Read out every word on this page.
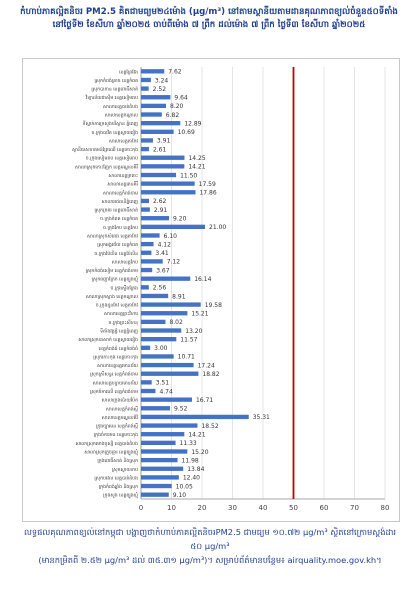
កំហាប់ភាគល្អិតនិចរ PM2.5 គិតជាមធ្យម២៤ម៉ោង (µg/m³) នៅតាមស្ថានីយតាមដានគុណភាពខ្យល់ចំនួន៥០ទីតាំង
នៅថ្ងៃទី២ ខែសីហា ឆ្នាំ២០២៥ ចាប់ពីម៉ោង ៧ ព្រឹក ដល់ម៉ោង ៧ ព្រឹក ថ្ងៃទី៣ ខែសីហា ឆ្នាំ២០២៥
0	10	20	30	40	50	60	70	80
ខេត្តព្រៃវែង	7.62
ស្រុកកំពង់ត្រាច ខេត្តកំពត	3.24
ស្រុកបាកាន ខេត្តពោធិ៍សាត់ 2.52
វិទ្យាល័យជាស៊ីម ខេត្តសៀមរាប	9.64
សាលាខេត្តបាត់ដំបង	8.20
សាលាខេត្តកណ្ដាល	6.82
ទីស្នាក់ការក្រសួងបរិស្ថាន ភ្នំពេញ	12.89
ច.ក្រុងបាវិត ខេត្តស្វាយរៀង	10.69
សាលាខេត្តតាកែវ	3.91
ស្ថានីយសហគមន៍ព្រៃឈើ ខេត្តកោះកុង 2.61
ច.ក្រុងសៀមរាប ខេត្តសៀមរាប	14.25
សាលាស្រុកកោះញែក ខេត្តមណ្ឌលគិរី	14.21
សាលាខេត្តក្រចេះ	11.50
សាលាខេត្តរតនគិរី	17.59
សាលាខេត្តកំពង់ចាម	17.86
សាលារាជធានីភ្នំពេញ 2.62
ស្រុកក្រគរ ខេត្តពោធិ៍សាត់	2.91
ច.ក្រុងកំពត ខេត្តកំពត	9.20
ច.ក្រុងកែប ខេត្តកែប	21.00
សាលាស្រុកសំរោង ខេត្តតាកែវ	6.10
ស្រុកអង្គរជ័យ ខេត្តកំពត	4.12
ច.ក្រុងប៉ៃលិន ខេត្តប៉ៃលិន	3.41
សាលាខេត្តកែប	7.12
ស្រុកកំពង់សៀម ខេត្តកំពង់ចាម	3.67
ស្រុកពញាក្រែក ខេត្តត្បូងឃ្មុំ	16.14
ច.ក្រុងស្ទឹងត្រែង 2.56
សាលាស្រុកស្អាង ខេត្តកណ្ដាល	8.91
ច.ក្រុងដូនកែវ ខេត្តតាកែវ	19.58
សាលាខេត្តព្រះវិហារ	15.21
ច.ក្រុងព្រះសីហនុ	8.02
ទីតាំងវត្តភ្នំ ខេត្តភ្នំពេញ	13.20
សាលាស្រុកបាសាក់ ខេត្តស្វាយរៀង	11.57
ខេត្តកំពង់ធំ ខេត្តកំពង់ធំ	3.00
ស្រុកកោះកុង ខេត្តកោះកុង	10.71
សាលាខេត្តឧត្តរមានជ័យ	17.24
ស្រុកស្រីសន្ធរ ខេត្តកំពង់ចាម	18.82
សាលាខេត្តបន្ទាយមានជ័យ	3.51
ស្រុកចំការលើ ខេត្តកំពង់ចាម	4.74
សាលាក្រុងប៉ោយប៉ែត	16.71
សាលាខេត្តកំពង់ស្ពឺ	9.52
សាលាខេត្តមណ្ឌលគិរី	35.31
ក្រុងច្បារមន ខេត្តកំពង់ស្ពឺ	18.52
ក្រុងចំការមន ខេត្តកោះកុង	14.21
សាលាស្រុកមោងឫស្សី ខេត្តបាត់ដំបង	11.33
សាលាស្រុកក្រូចឆ្មារ ខេត្តត្បូងឃ្មុំ	15.20
ក្រុងពោធិ៍សាត់ និងស្រុក	11.98
ស្រុកស្វាយទាប	13.84
ស្រុកបវេល ខេត្តបាត់ដំបង	12.40
ក្រុងកំពង់ឆ្នាំង និងស្រុក	10.05
ក្រុងសួង ខេត្តត្បូងឃ្មុំ	9.10
លទ្ធផលគុណភាពខ្យល់នៅកម្ពុជា បង្ហាញថាកំហាប់ភាគល្អិតនិចរPM2.5 ជាមធ្យម ១០.៧២ µg/m³ ស្ថិតនៅក្រោមស្តង់ដារ ៥០ µg/m³
(មានកម្រិតពី ២.៥២ µg/m³ ដល់ ៣៥.៣១ µg/m³)។ សម្រាប់ព័ត៌មានបន្ថែម៖ airquality.moe.gov.kh។
